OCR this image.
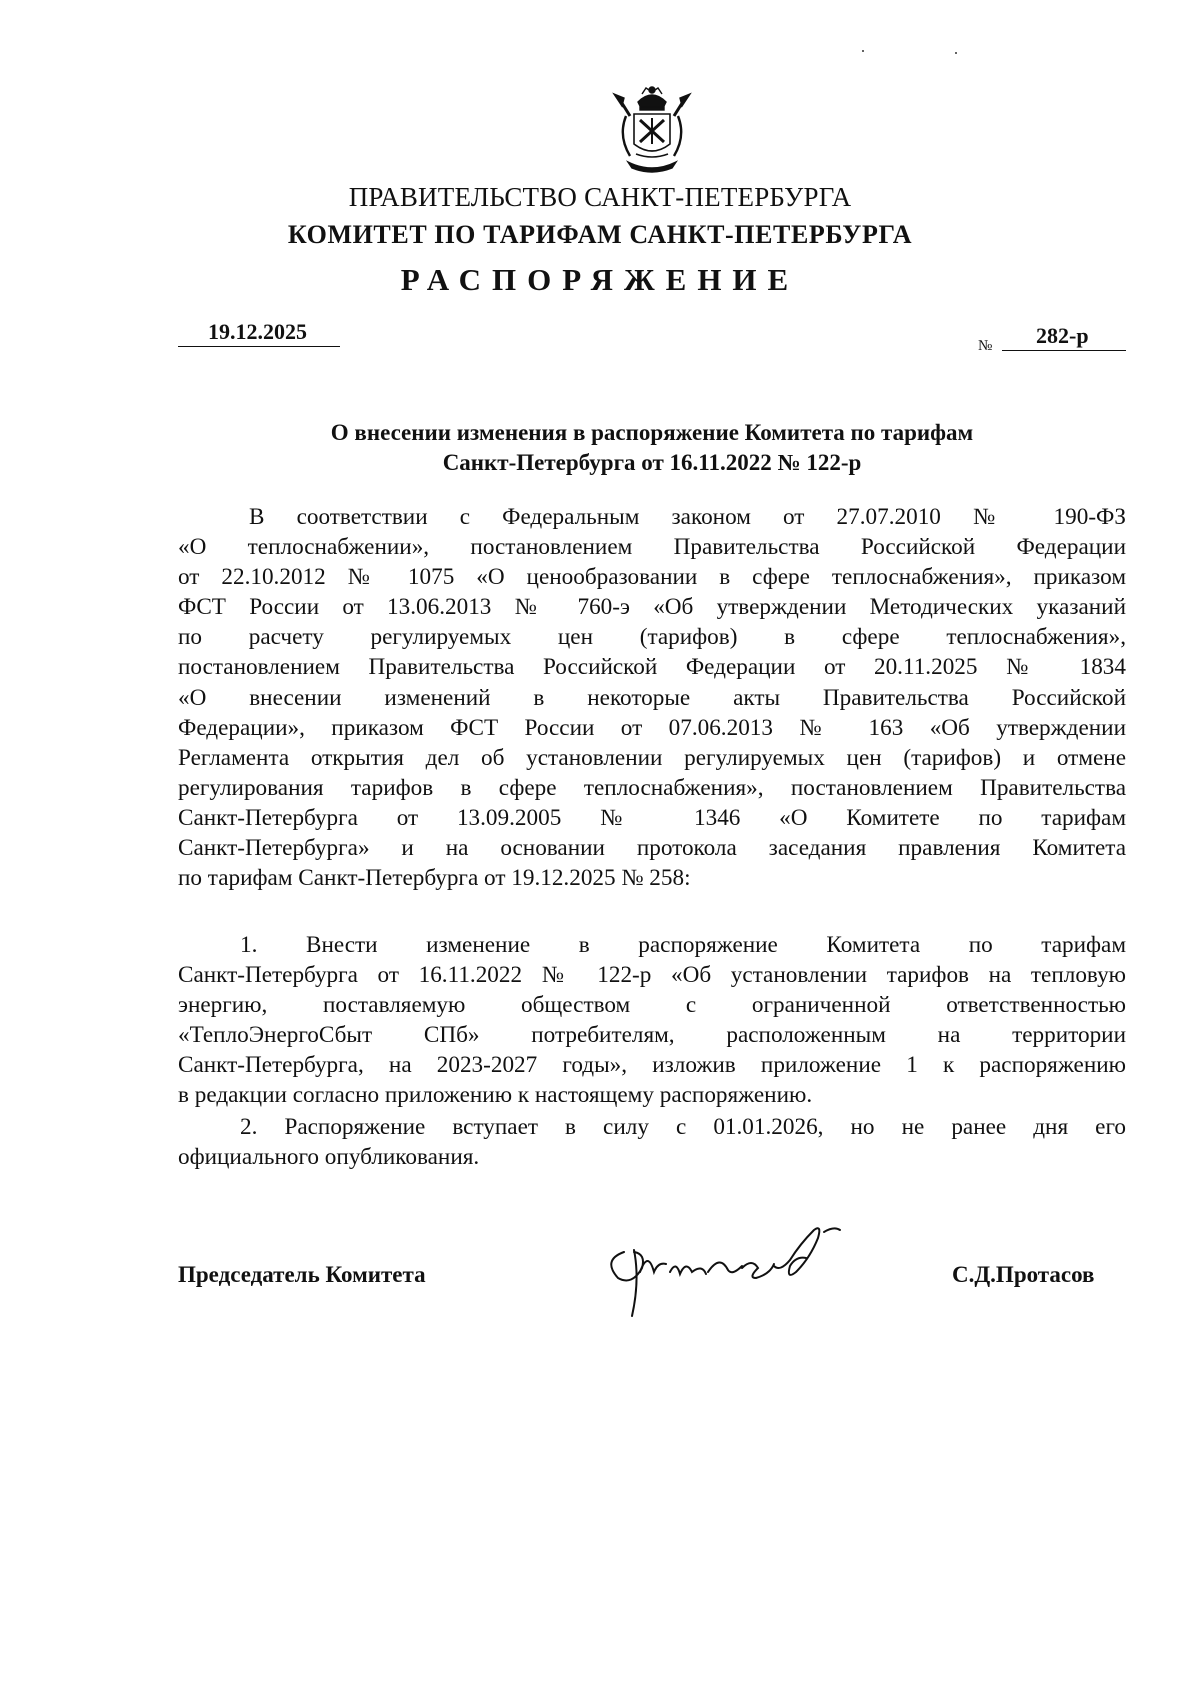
ПРАВИТЕЛЬСТВО САНКТ-ПЕТЕРБУРГА
КОМИТЕТ ПО ТАРИФАМ САНКТ-ПЕТЕРБУРГА
РАСПОРЯЖЕНИЕ
19.12.2025
№	282-р
О внесении изменения в распоряжение Комитета по тарифам
Санкт-Петербурга от 16.11.2022 № 122-р
В соответствии с Федеральным законом от 27.07.2010 № 190-ФЗ
«О теплоснабжении», постановлением Правительства Российской Федерации
от 22.10.2012 № 1075 «О ценообразовании в сфере теплоснабжения», приказом
ФСТ России от 13.06.2013 № 760-э «Об утверждении Методических указаний
по расчету регулируемых цен (тарифов) в сфере теплоснабжения»,
постановлением Правительства Российской Федерации от 20.11.2025 № 1834
«О внесении изменений в некоторые акты Правительства Российской
Федерации», приказом ФСТ России от 07.06.2013 № 163 «Об утверждении
Регламента открытия дел об установлении регулируемых цен (тарифов) и отмене
регулирования тарифов в сфере теплоснабжения», постановлением Правительства
Санкт-Петербурга от 13.09.2005 № 1346 «О Комитете по тарифам
Санкт-Петербурга» и на основании протокола заседания правления Комитета
по тарифам Санкт-Петербурга от 19.12.2025 № 258:
1. Внести изменение в распоряжение Комитета по тарифам
Санкт-Петербурга от 16.11.2022 № 122-р «Об установлении тарифов на тепловую
энергию, поставляемую обществом с ограниченной ответственностью
«ТеплоЭнергоСбыт СПб» потребителям, расположенным на территории
Санкт-Петербурга, на 2023-2027 годы», изложив приложение 1 к распоряжению
в редакции согласно приложению к настоящему распоряжению.
2. Распоряжение вступает в силу с 01.01.2026, но не ранее дня его
официального опубликования.
Председатель Комитета	С.Д.Протасов
